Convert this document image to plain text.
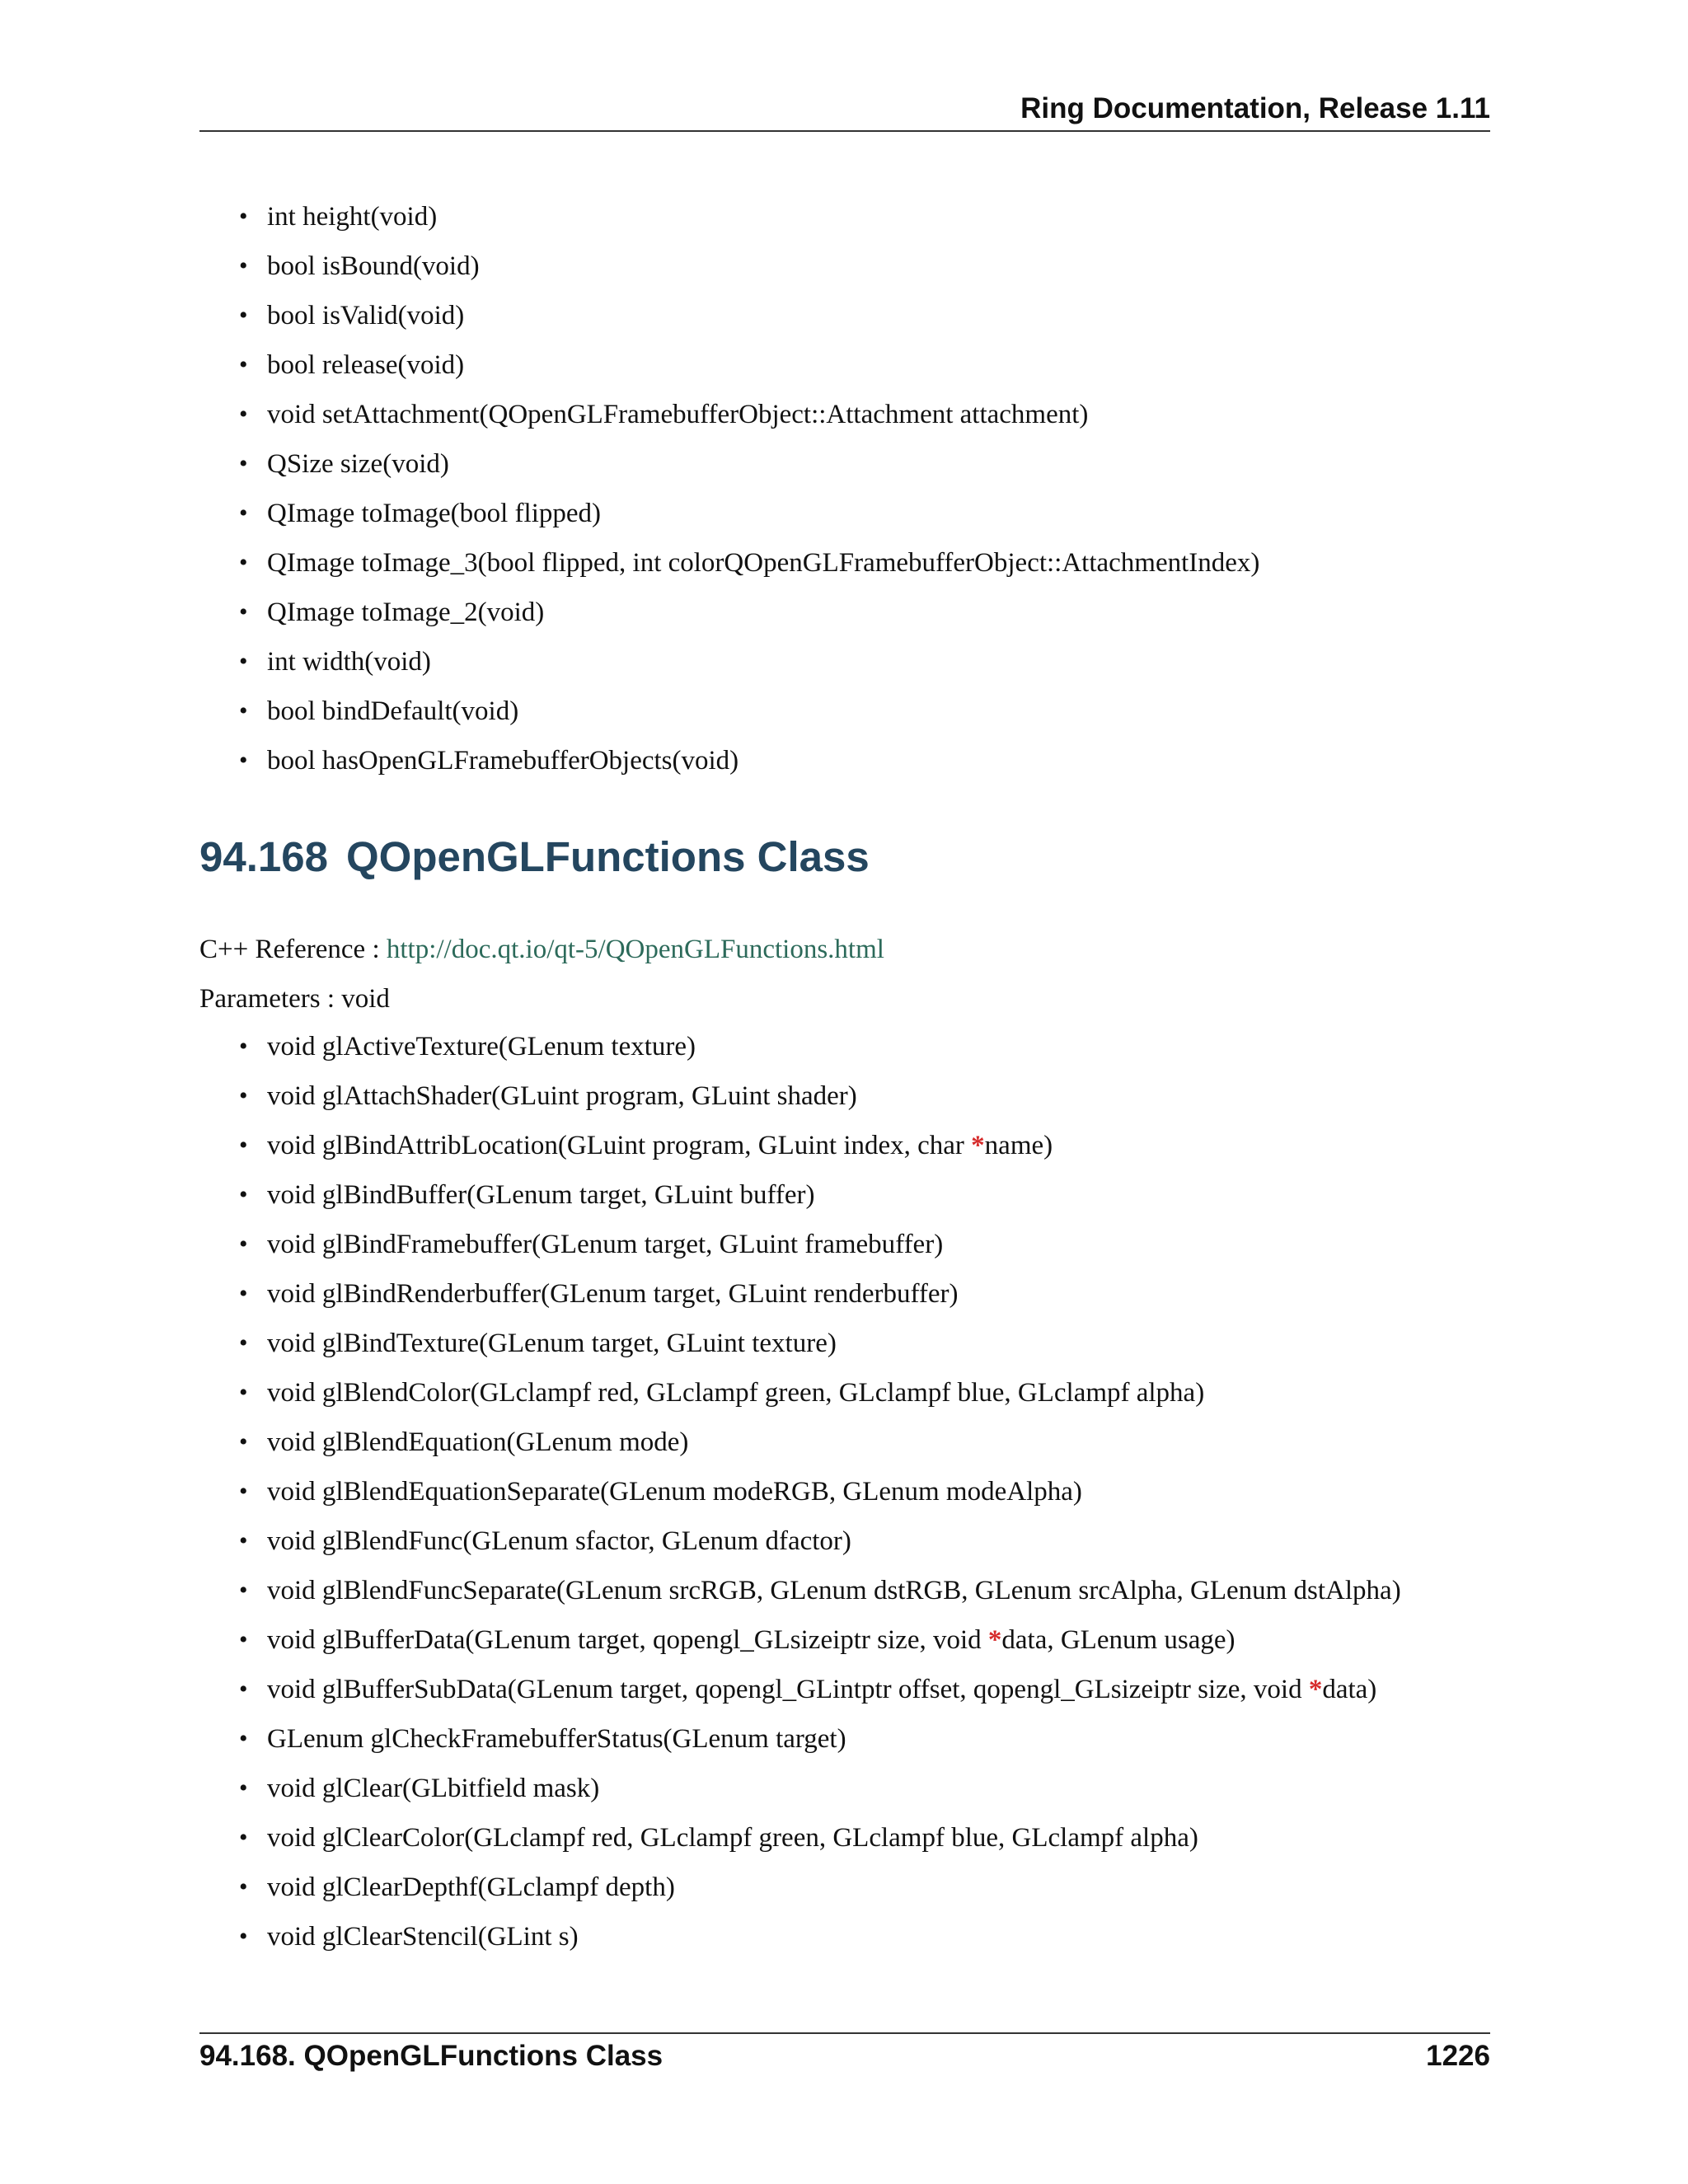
Ring Documentation, Release 1.11
• int height(void)
• bool isBound(void)
• bool isValid(void)
• bool release(void)
• void setAttachment(QOpenGLFramebufferObject::Attachment attachment)
• QSize size(void)
• QImage toImage(bool flipped)
• QImage toImage_3(bool flipped, int colorQOpenGLFramebufferObject::AttachmentIndex)
• QImage toImage_2(void)
• int width(void)
• bool bindDefault(void)
• bool hasOpenGLFramebufferObjects(void)
94.168 QOpenGLFunctions Class
C++ Reference : http://doc.qt.io/qt-5/QOpenGLFunctions.html
Parameters : void
• void glActiveTexture(GLenum texture)
• void glAttachShader(GLuint program, GLuint shader)
• void glBindAttribLocation(GLuint program, GLuint index, char *name)
• void glBindBuffer(GLenum target, GLuint buffer)
• void glBindFramebuffer(GLenum target, GLuint framebuffer)
• void glBindRenderbuffer(GLenum target, GLuint renderbuffer)
• void glBindTexture(GLenum target, GLuint texture)
• void glBlendColor(GLclampf red, GLclampf green, GLclampf blue, GLclampf alpha)
• void glBlendEquation(GLenum mode)
• void glBlendEquationSeparate(GLenum modeRGB, GLenum modeAlpha)
• void glBlendFunc(GLenum sfactor, GLenum dfactor)
• void glBlendFuncSeparate(GLenum srcRGB, GLenum dstRGB, GLenum srcAlpha, GLenum dstAlpha)
• void glBufferData(GLenum target, qopengl_GLsizeiptr size, void *data, GLenum usage)
• void glBufferSubData(GLenum target, qopengl_GLintptr offset, qopengl_GLsizeiptr size, void *data)
• GLenum glCheckFramebufferStatus(GLenum target)
• void glClear(GLbitfield mask)
• void glClearColor(GLclampf red, GLclampf green, GLclampf blue, GLclampf alpha)
• void glClearDepthf(GLclampf depth)
• void glClearStencil(GLint s)
94.168. QOpenGLFunctions Class	1226
